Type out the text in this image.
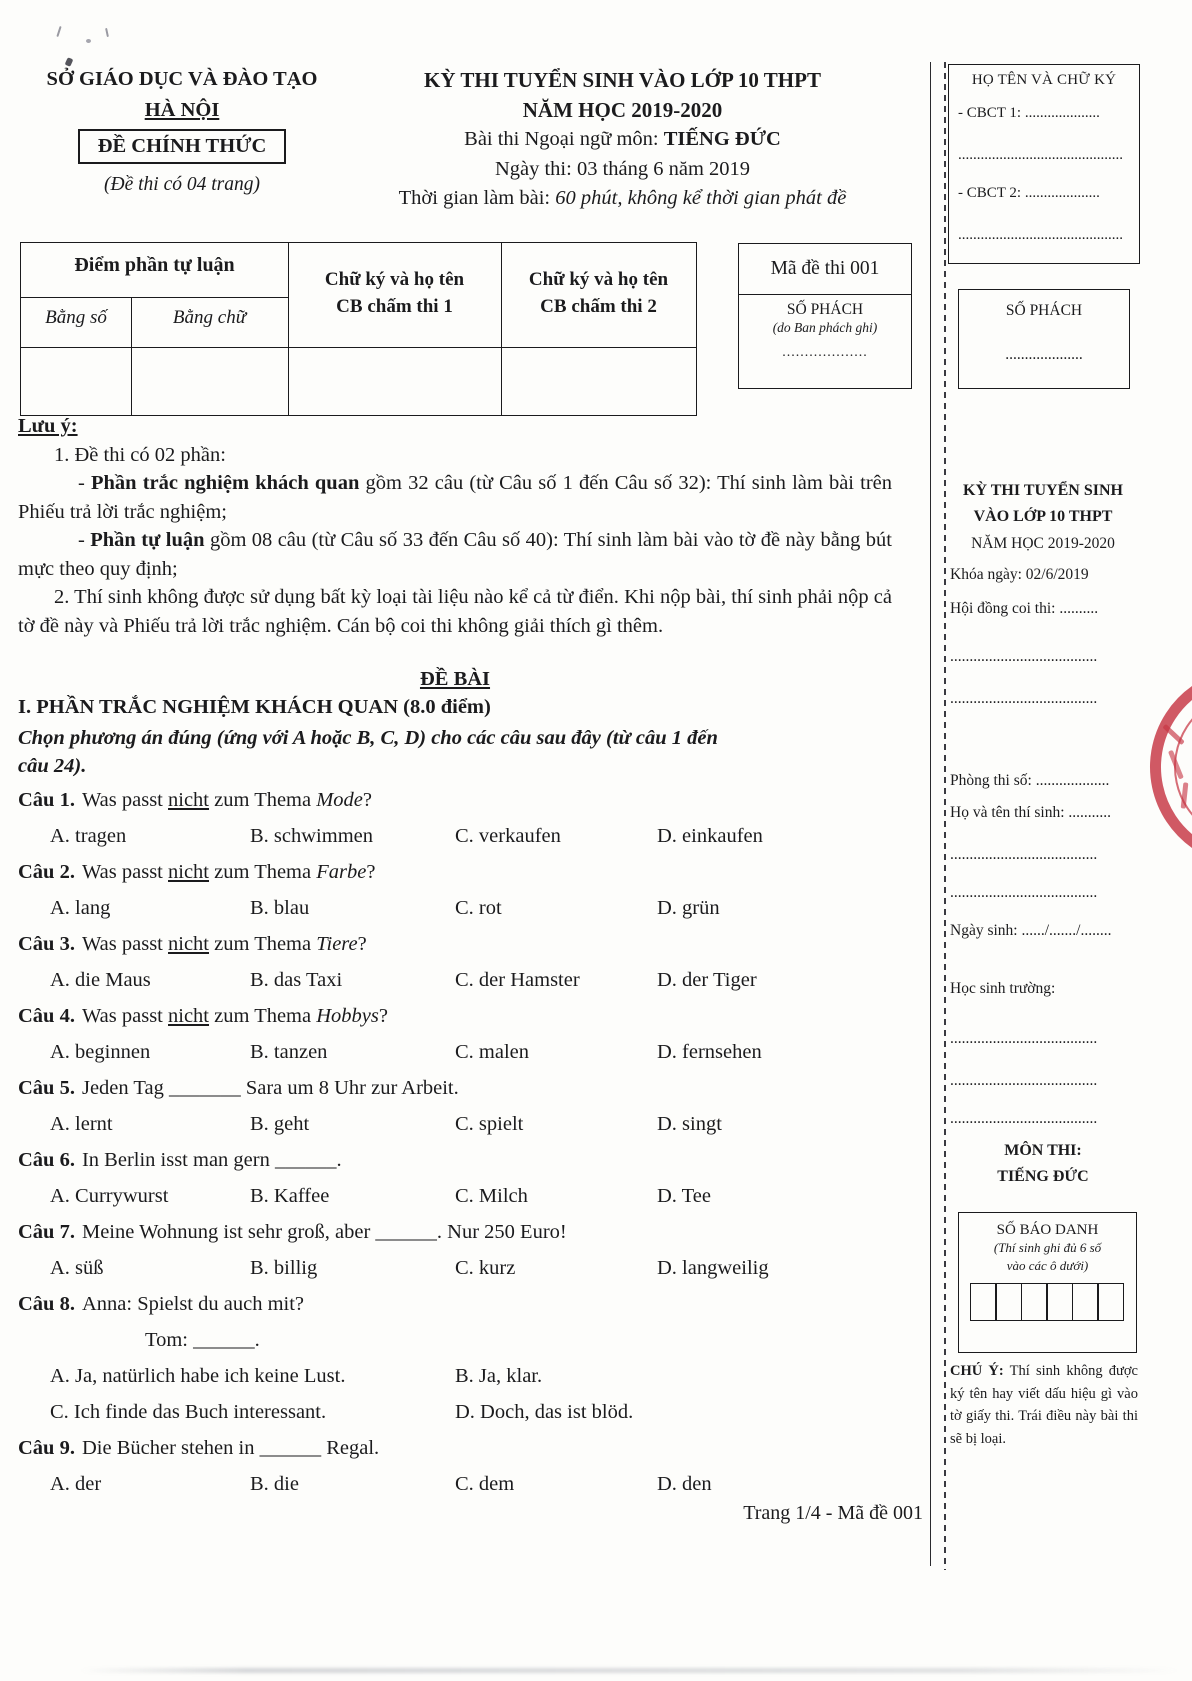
SỞ GIÁO DỤC VÀ ĐÀO TẠO
HÀ NỘI
ĐỀ CHÍNH THỨC
(Đề thi có 04 trang)
KỲ THI TUYỂN SINH VÀO LỚP 10 THPT
NĂM HỌC 2019-2020
Bài thi Ngoại ngữ môn: TIẾNG ĐỨC
Ngày thi: 03 tháng 6 năm 2019
Thời gian làm bài: 60 phút, không kể thời gian phát đề
HỌ TÊN VÀ CHỮ KÝ
- CBCT 1: ....................
............................................
- CBCT 2: ....................
............................................
SỐ PHÁCH
....................
Điểm phần tự luận
Bằng số	Bằng chữ
Chữ ký và họ tên
CB chấm thi 1
Chữ ký và họ tên
CB chấm thi 2
Mã đề thi 001
SỐ PHÁCH
(do Ban phách ghi)
...................
Lưu ý:
1. Đề thi có 02 phần:
- Phần trắc nghiệm khách quan gồm 32 câu (từ Câu số 1 đến Câu số 32): Thí sinh làm bài trên Phiếu trả lời trắc nghiệm;
- Phần tự luận gồm 08 câu (từ Câu số 33 đến Câu số 40): Thí sinh làm bài vào tờ đề này bằng bút mực theo quy định;
2. Thí sinh không được sử dụng bất kỳ loại tài liệu nào kể cả từ điển. Khi nộp bài, thí sinh phải nộp cả tờ đề này và Phiếu trả lời trắc nghiệm. Cán bộ coi thi không giải thích gì thêm.
ĐỀ BÀI
I. PHẦN TRẮC NGHIỆM KHÁCH QUAN (8.0 điểm)
Chọn phương án đúng (ứng với A hoặc B, C, D) cho các câu sau đây (từ câu 1 đến
câu 24).
Câu 1. Was passt nicht zum Thema Mode?
A. tragen	B. schwimmen	C. verkaufen	D. einkaufen
Câu 2. Was passt nicht zum Thema Farbe?
A. lang	B. blau	C. rot	D. grün
Câu 3. Was passt nicht zum Thema Tiere?
A. die Maus	B. das Taxi	C. der Hamster	D. der Tiger
Câu 4. Was passt nicht zum Thema Hobbys?
A. beginnen	B. tanzen	C. malen	D. fernsehen
Câu 5. Jeden Tag _______ Sara um 8 Uhr zur Arbeit.
A. lernt	B. geht	C. spielt	D. singt
Câu 6. In Berlin isst man gern ______.
A. Currywurst	B. Kaffee	C. Milch	D. Tee
Câu 7. Meine Wohnung ist sehr groß, aber ______. Nur 250 Euro!
A. süß	B. billig	C. kurz	D. langweilig
Câu 8. Anna: Spielst du auch mit?
Tom: ______.
A. Ja, natürlich habe ich keine Lust.	B. Ja, klar.
C. Ich finde das Buch interessant.	D. Doch, das ist blöd.
Câu 9. Die Bücher stehen in ______ Regal.
A. der	B. die	C. dem	D. den
Trang 1/4 - Mã đề 001
KỲ THI TUYỂN SINH
VÀO LỚP 10 THPT
NĂM HỌC 2019-2020
Khóa ngày: 02/6/2019
Hội đồng coi thi: ..........
......................................
......................................
Phòng thi số: ...................
Họ và tên thí sinh: ...........
......................................
......................................
Ngày sinh: ....../......./........
Học sinh trường:
......................................
......................................
......................................
MÔN THI:
TIẾNG ĐỨC
SỐ BÁO DANH
(Thí sinh ghi đủ 6 số
vào các ô dưới)
CHÚ Ý: Thí sinh không được ký tên hay viết dấu hiệu gì vào tờ giấy thi. Trái điều này bài thi sẽ bị loại.
